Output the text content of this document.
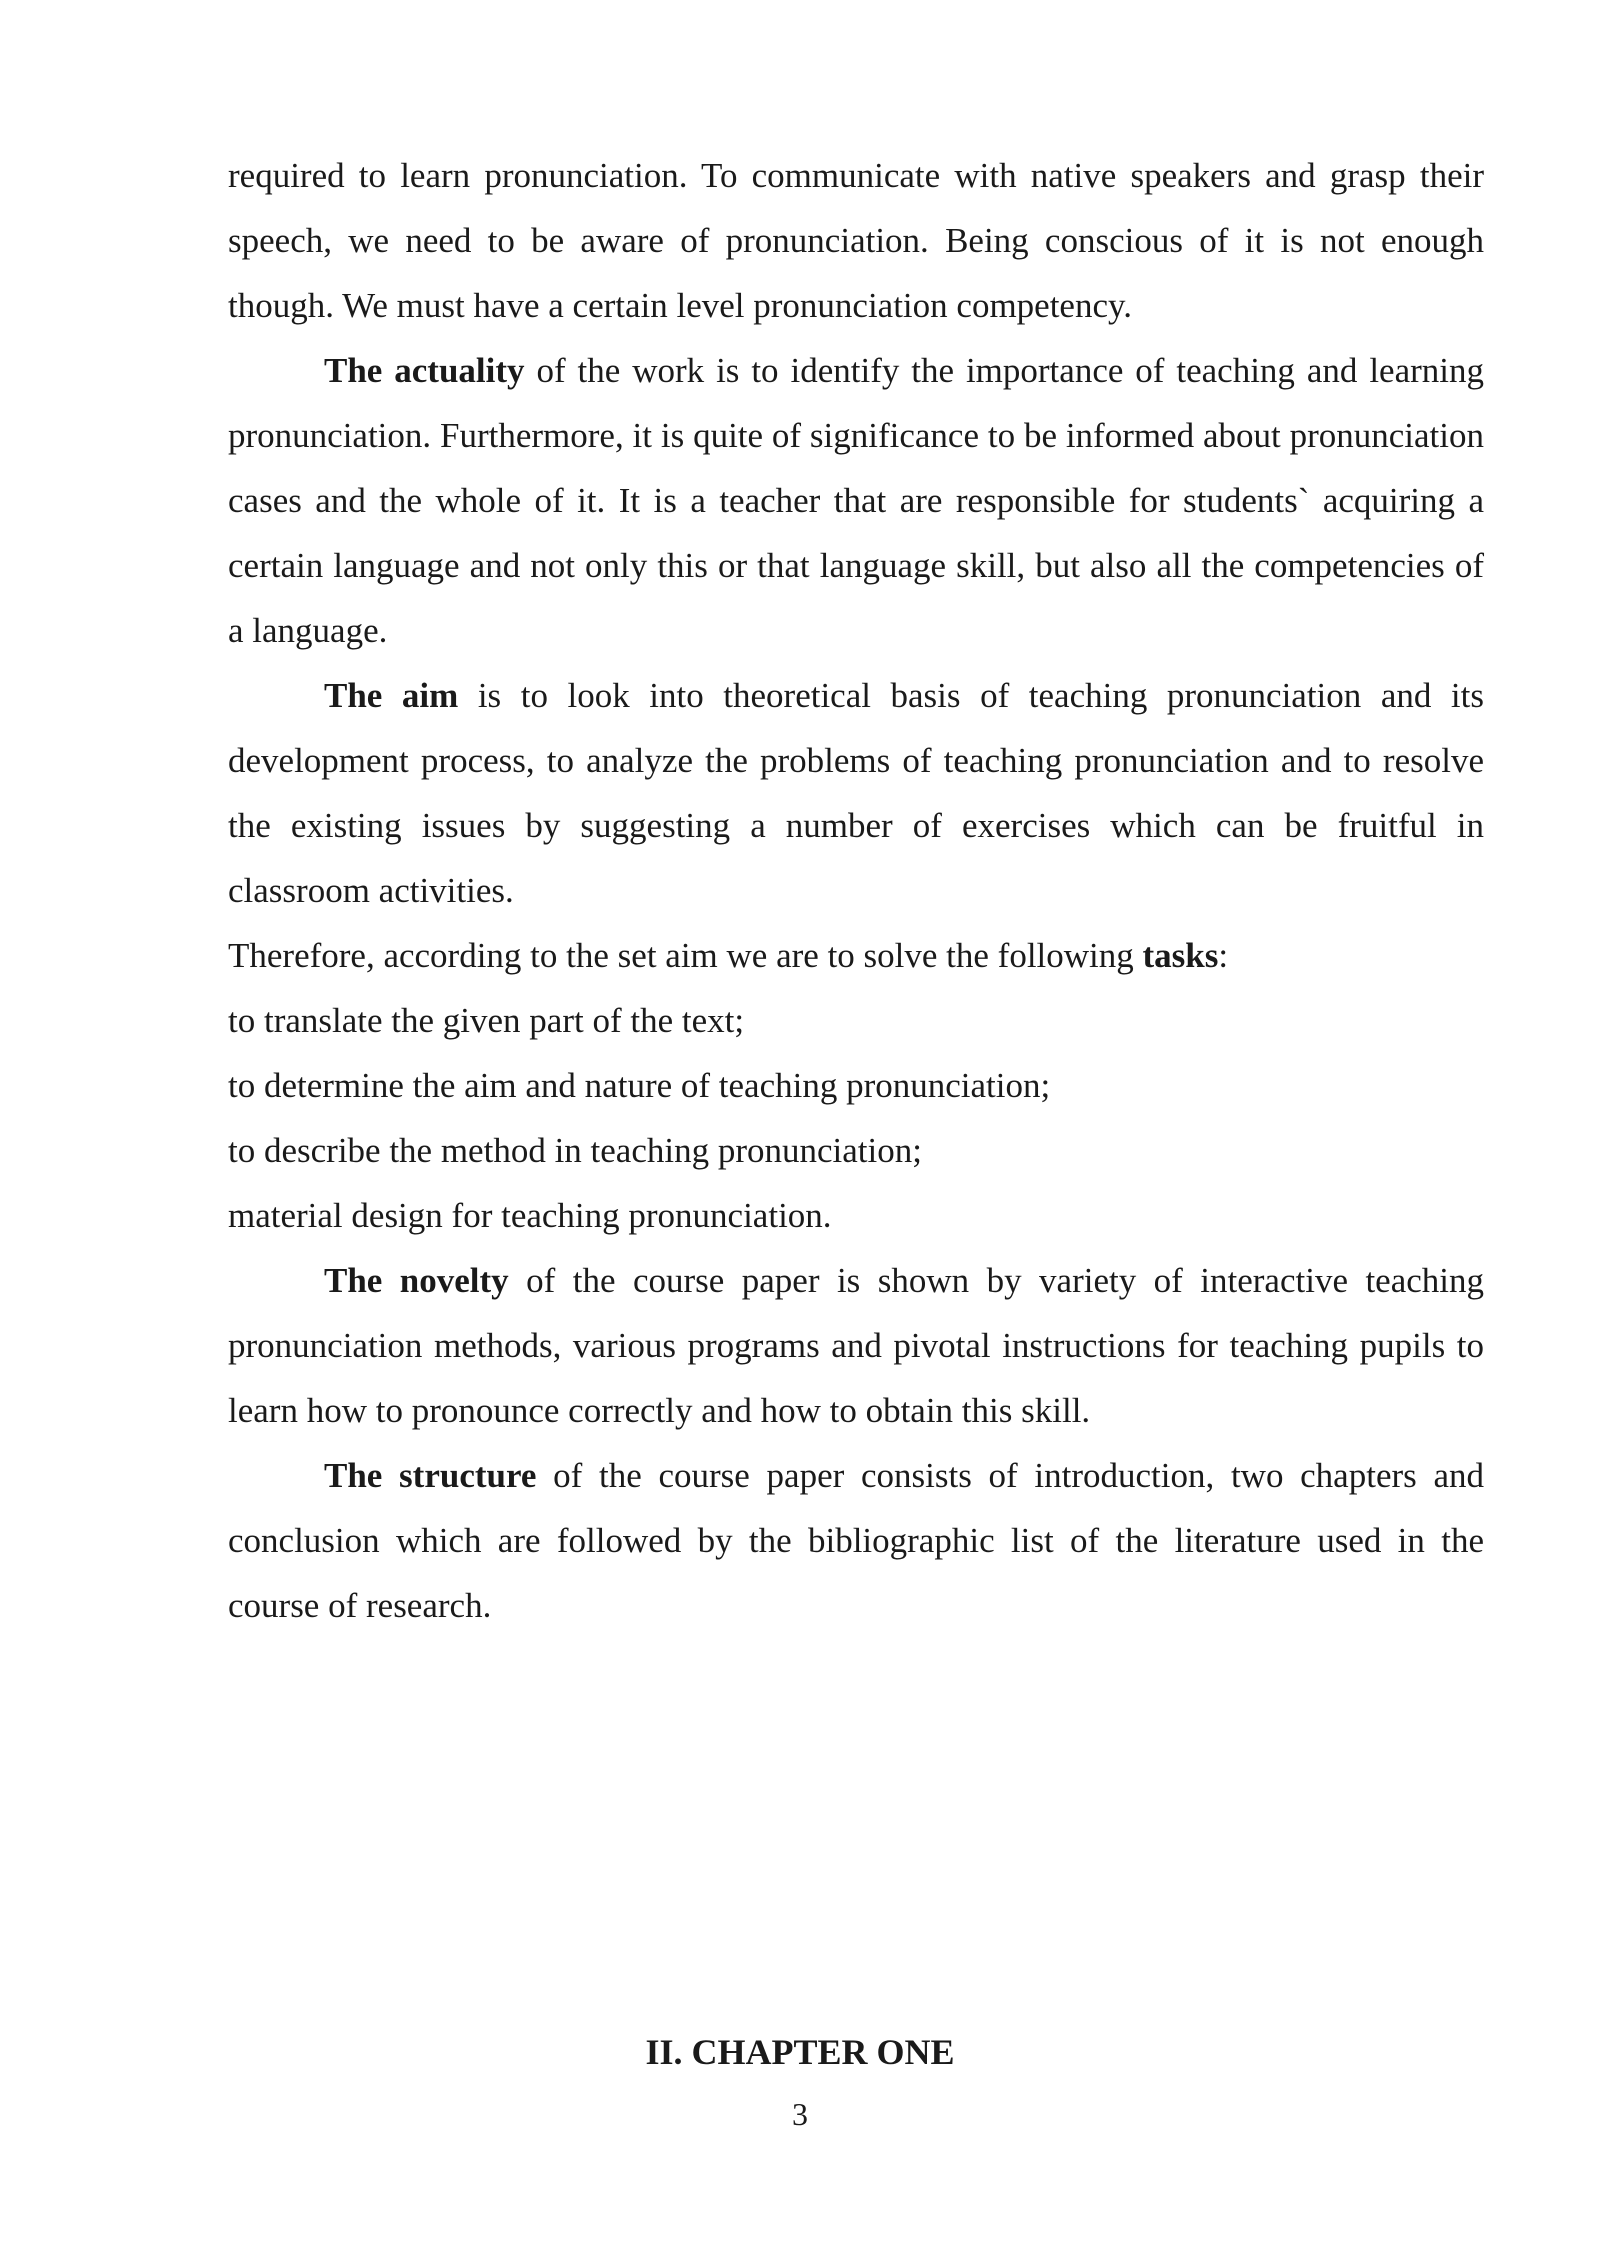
required to learn pronunciation. To communicate with native speakers and grasp their speech, we need to be aware of pronunciation. Being conscious of it is not enough though. We must have a certain level pronunciation competency.

The actuality of the work is to identify the importance of teaching and learning pronunciation. Furthermore, it is quite of significance to be informed about pronunciation cases and the whole of it. It is a teacher that are responsible for students` acquiring a certain language and not only this or that language skill, but also all the competencies of a language.

The aim is to look into theoretical basis of teaching pronunciation and its development process, to analyze the problems of teaching pronunciation and to resolve the existing issues by suggesting a number of exercises which can be fruitful in classroom activities.

Therefore, according to the set aim we are to solve the following tasks:

to translate the given part of the text;

to determine the aim and nature of teaching pronunciation;

to describe the method in teaching pronunciation;

material design for teaching pronunciation.

The novelty of the course paper is shown by variety of interactive teaching pronunciation methods, various programs and pivotal instructions for teaching pupils to learn how to pronounce correctly and how to obtain this skill.

The structure of the course paper consists of introduction, two chapters and conclusion which are followed by the bibliographic list of the literature used in the course of research.

II. CHAPTER ONE
3
